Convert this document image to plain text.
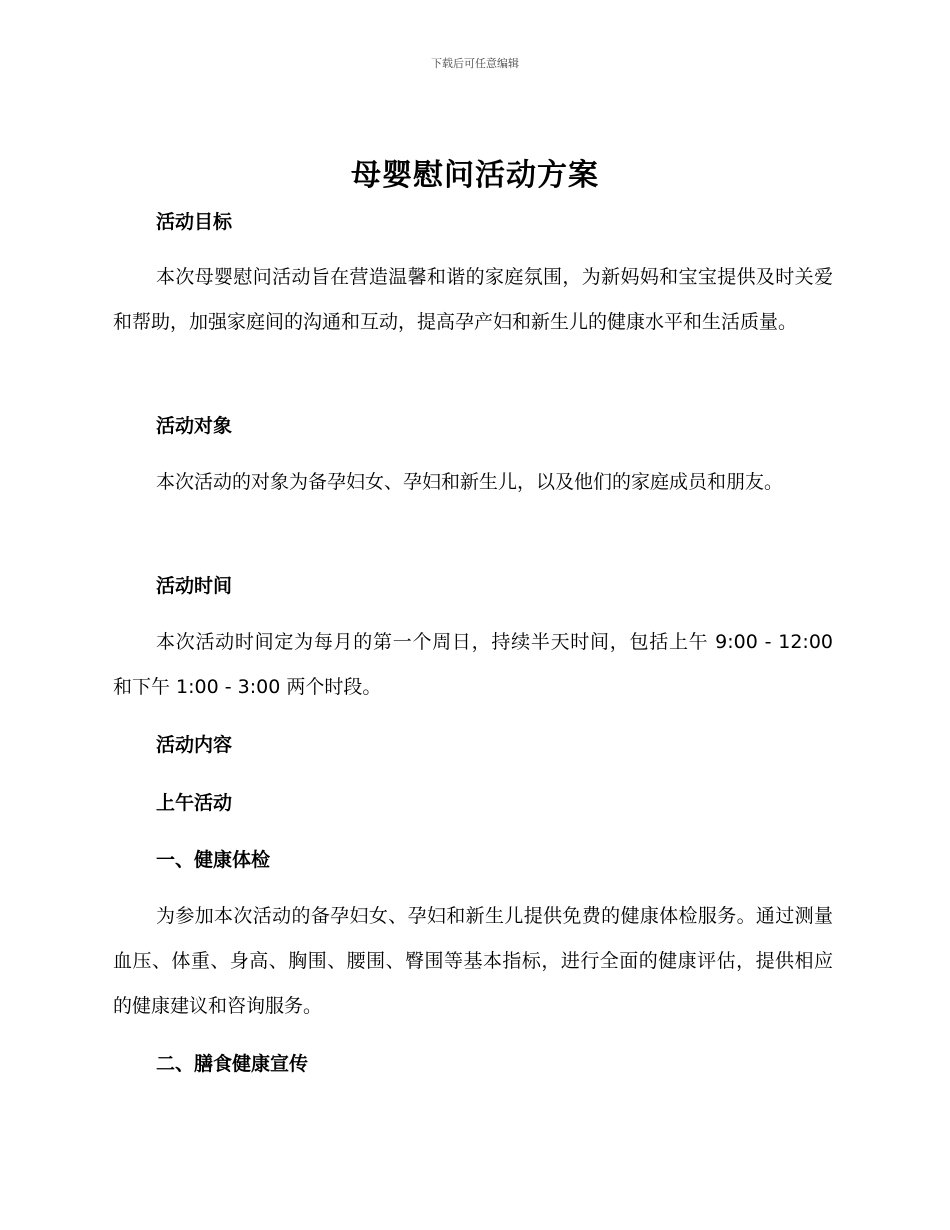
下载后可任意编辑
母婴慰问活动方案
活动目标
本次母婴慰问活动旨在营造温馨和谐的家庭氛围，为新妈妈和宝宝提供及时关爱和帮助，加强家庭间的沟通和互动，提高孕产妇和新生儿的健康水平和生活质量。
活动对象
本次活动的对象为备孕妇女、孕妇和新生儿，以及他们的家庭成员和朋友。
活动时间
本次活动时间定为每月的第一个周日，持续半天时间，包括上午 9:00 - 12:00 和下午 1:00 - 3:00 两个时段。
活动内容
上午活动
一、健康体检
为参加本次活动的备孕妇女、孕妇和新生儿提供免费的健康体检服务。通过测量血压、体重、身高、胸围、腰围、臀围等基本指标，进行全面的健康评估，提供相应的健康建议和咨询服务。
二、膳食健康宣传
